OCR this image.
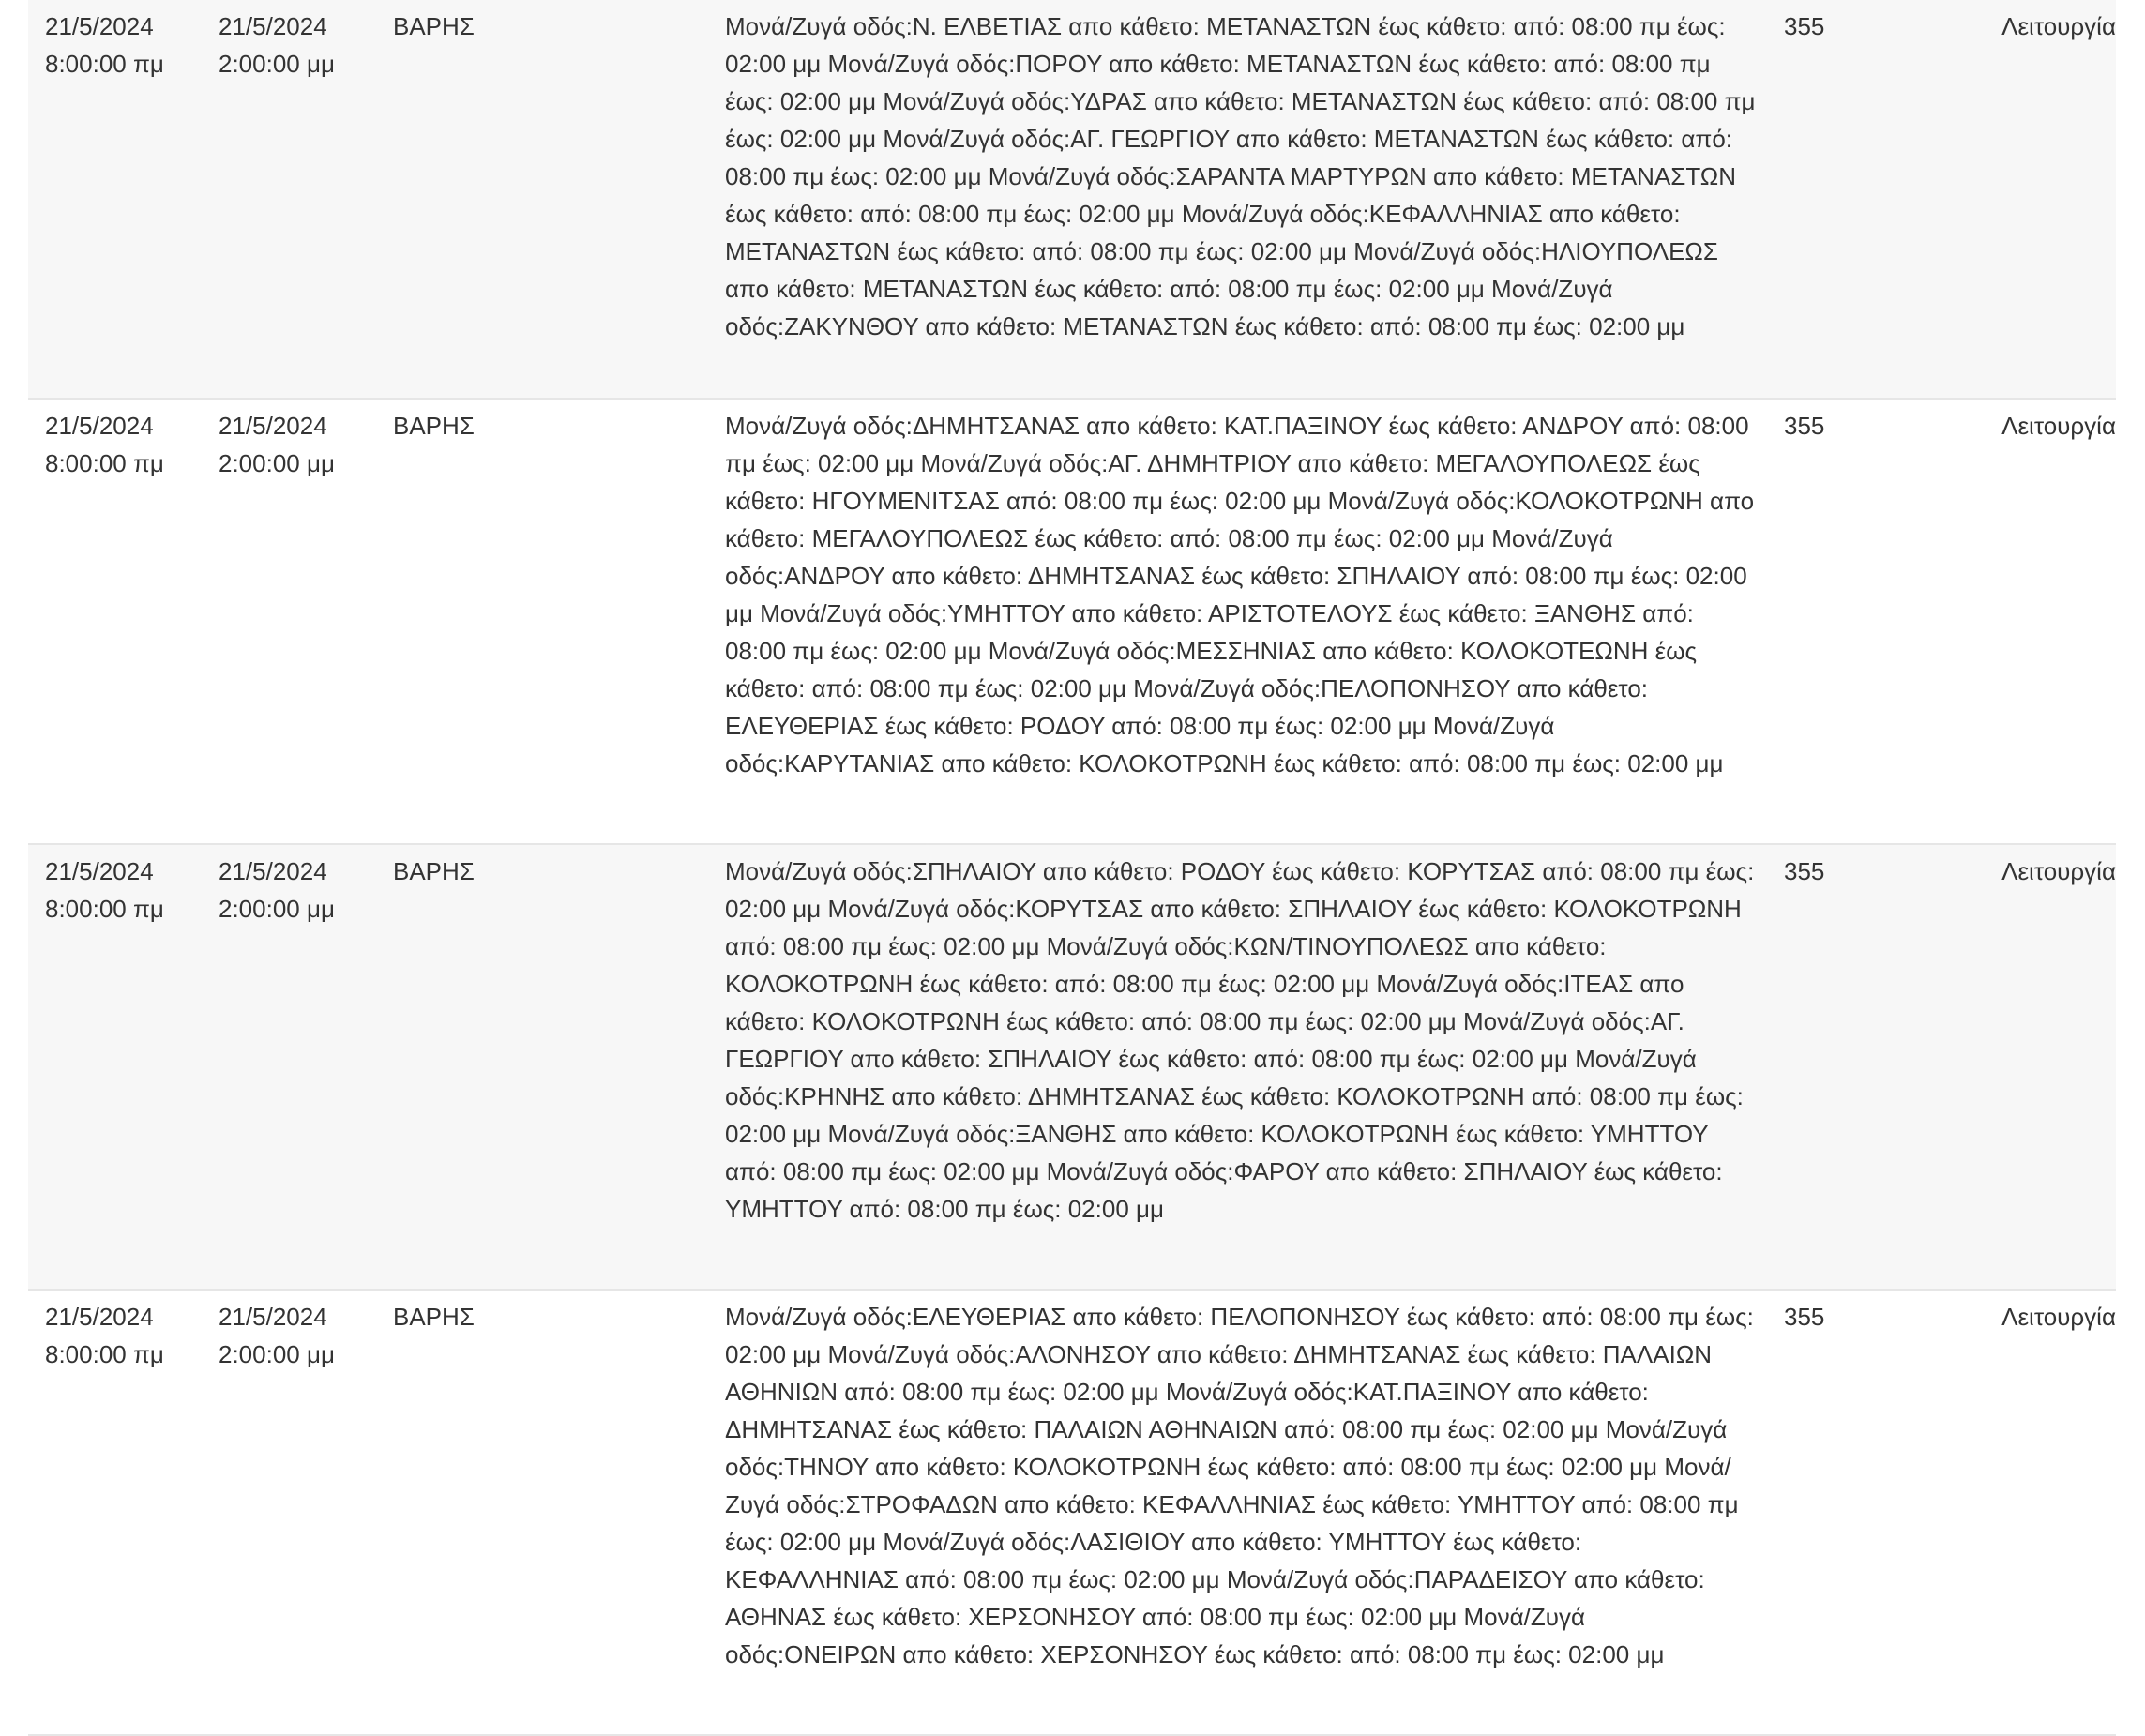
21/5/2024
8:00:00 πμ	21/5/2024
2:00:00 μμ	ΒΑΡΗΣ	Μονά/Ζυγά οδός:Ν. ΕΛΒΕΤΙΑΣ απο κάθετο: ΜΕΤΑΝΑΣΤΩΝ έως κάθετο: από: 08:00 πμ έως: 02:00 μμ Μονά/Ζυγά οδός:ΠΟΡΟΥ απο κάθετο: ΜΕΤΑΝΑΣΤΩΝ έως κάθετο: από: 08:00 πμ έως: 02:00 μμ Μονά/Ζυγά οδός:ΥΔΡΑΣ απο κάθετο: ΜΕΤΑΝΑΣΤΩΝ έως κάθετο: από: 08:00 πμ έως: 02:00 μμ Μονά/Ζυγά οδός:ΑΓ. ΓΕΩΡΓΙΟΥ απο κάθετο: ΜΕΤΑΝΑΣΤΩΝ έως κάθετο: από: 08:00 πμ έως: 02:00 μμ Μονά/Ζυγά οδός:ΣΑΡΑΝΤΑ ΜΑΡΤΥΡΩΝ απο κάθετο: ΜΕΤΑΝΑΣΤΩΝ έως κάθετο: από: 08:00 πμ έως: 02:00 μμ Μονά/Ζυγά οδός:ΚΕΦΑΛΛΗΝΙΑΣ απο κάθετο: ΜΕΤΑΝΑΣΤΩΝ έως κάθετο: από: 08:00 πμ έως: 02:00 μμ Μονά/Ζυγά οδός:ΗΛΙΟΥΠΟΛΕΩΣ απο κάθετο: ΜΕΤΑΝΑΣΤΩΝ έως κάθετο: από: 08:00 πμ έως: 02:00 μμ Μονά/Ζυγά οδός:ΖΑΚΥΝΘΟΥ απο κάθετο: ΜΕΤΑΝΑΣΤΩΝ έως κάθετο: από: 08:00 πμ έως: 02:00 μμ	355	Λειτουργία

21/5/2024
8:00:00 πμ	21/5/2024
2:00:00 μμ	ΒΑΡΗΣ	Μονά/Ζυγά οδός:ΔΗΜΗΤΣΑΝΑΣ απο κάθετο: ΚΑΤ.ΠΑΞΙΝΟΥ έως κάθετο: ΑΝΔΡΟΥ από: 08:00 πμ έως: 02:00 μμ Μονά/Ζυγά οδός:ΑΓ. ΔΗΜΗΤΡΙΟΥ απο κάθετο: ΜΕΓΑΛΟΥΠΟΛΕΩΣ έως κάθετο: ΗΓΟΥΜΕΝΙΤΣΑΣ από: 08:00 πμ έως: 02:00 μμ Μονά/Ζυγά οδός:ΚΟΛΟΚΟΤΡΩΝΗ απο κάθετο: ΜΕΓΑΛΟΥΠΟΛΕΩΣ έως κάθετο: από: 08:00 πμ έως: 02:00 μμ Μονά/Ζυγά οδός:ΑΝΔΡΟΥ απο κάθετο: ΔΗΜΗΤΣΑΝΑΣ έως κάθετο: ΣΠΗΛΑΙΟΥ από: 08:00 πμ έως: 02:00 μμ Μονά/Ζυγά οδός:ΥΜΗΤΤΟΥ απο κάθετο: ΑΡΙΣΤΟΤΕΛΟΥΣ έως κάθετο: ΞΑΝΘΗΣ από: 08:00 πμ έως: 02:00 μμ Μονά/Ζυγά οδός:ΜΕΣΣΗΝΙΑΣ απο κάθετο: ΚΟΛΟΚΟΤΕΩΝΗ έως κάθετο: από: 08:00 πμ έως: 02:00 μμ Μονά/Ζυγά οδός:ΠΕΛΟΠΟΝΗΣΟΥ απο κάθετο: ΕΛΕΥΘΕΡΙΑΣ έως κάθετο: ΡΟΔΟΥ από: 08:00 πμ έως: 02:00 μμ Μονά/Ζυγά οδός:ΚΑΡΥΤΑΝΙΑΣ απο κάθετο: ΚΟΛΟΚΟΤΡΩΝΗ έως κάθετο: από: 08:00 πμ έως: 02:00 μμ	355	Λειτουργία

21/5/2024
8:00:00 πμ	21/5/2024
2:00:00 μμ	ΒΑΡΗΣ	Μονά/Ζυγά οδός:ΣΠΗΛΑΙΟΥ απο κάθετο: ΡΟΔΟΥ έως κάθετο: ΚΟΡΥΤΣΑΣ από: 08:00 πμ έως: 02:00 μμ Μονά/Ζυγά οδός:ΚΟΡΥΤΣΑΣ απο κάθετο: ΣΠΗΛΑΙΟΥ έως κάθετο: ΚΟΛΟΚΟΤΡΩΝΗ από: 08:00 πμ έως: 02:00 μμ Μονά/Ζυγά οδός:ΚΩΝ/ΤΙΝΟΥΠΟΛΕΩΣ απο κάθετο: ΚΟΛΟΚΟΤΡΩΝΗ έως κάθετο: από: 08:00 πμ έως: 02:00 μμ Μονά/Ζυγά οδός:ΙΤΕΑΣ απο κάθετο: ΚΟΛΟΚΟΤΡΩΝΗ έως κάθετο: από: 08:00 πμ έως: 02:00 μμ Μονά/Ζυγά οδός:ΑΓ. ΓΕΩΡΓΙΟΥ απο κάθετο: ΣΠΗΛΑΙΟΥ έως κάθετο: από: 08:00 πμ έως: 02:00 μμ Μονά/Ζυγά οδός:ΚΡΗΝΗΣ απο κάθετο: ΔΗΜΗΤΣΑΝΑΣ έως κάθετο: ΚΟΛΟΚΟΤΡΩΝΗ από: 08:00 πμ έως: 02:00 μμ Μονά/Ζυγά οδός:ΞΑΝΘΗΣ απο κάθετο: ΚΟΛΟΚΟΤΡΩΝΗ έως κάθετο: ΥΜΗΤΤΟΥ από: 08:00 πμ έως: 02:00 μμ Μονά/Ζυγά οδός:ΦΑΡΟΥ απο κάθετο: ΣΠΗΛΑΙΟΥ έως κάθετο: ΥΜΗΤΤΟΥ από: 08:00 πμ έως: 02:00 μμ	355	Λειτουργία

21/5/2024
8:00:00 πμ	21/5/2024
2:00:00 μμ	ΒΑΡΗΣ	Μονά/Ζυγά οδός:ΕΛΕΥΘΕΡΙΑΣ απο κάθετο: ΠΕΛΟΠΟΝΗΣΟΥ έως κάθετο: από: 08:00 πμ έως: 02:00 μμ Μονά/Ζυγά οδός:ΑΛΟΝΗΣΟΥ απο κάθετο: ΔΗΜΗΤΣΑΝΑΣ έως κάθετο: ΠΑΛΑΙΩΝ ΑΘΗΝΙΩΝ από: 08:00 πμ έως: 02:00 μμ Μονά/Ζυγά οδός:ΚΑΤ.ΠΑΞΙΝΟΥ απο κάθετο: ΔΗΜΗΤΣΑΝΑΣ έως κάθετο: ΠΑΛΑΙΩΝ ΑΘΗΝΑΙΩΝ από: 08:00 πμ έως: 02:00 μμ Μονά/Ζυγά οδός:ΤΗΝΟΥ απο κάθετο: ΚΟΛΟΚΟΤΡΩΝΗ έως κάθετο: από: 08:00 πμ έως: 02:00 μμ Μονά/Ζυγά οδός:ΣΤΡΟΦΑΔΩΝ απο κάθετο: ΚΕΦΑΛΛΗΝΙΑΣ έως κάθετο: ΥΜΗΤΤΟΥ από: 08:00 πμ έως: 02:00 μμ Μονά/Ζυγά οδός:ΛΑΣΙΘΙΟΥ απο κάθετο: ΥΜΗΤΤΟΥ έως κάθετο: ΚΕΦΑΛΛΗΝΙΑΣ από: 08:00 πμ έως: 02:00 μμ Μονά/Ζυγά οδός:ΠΑΡΑΔΕΙΣΟΥ απο κάθετο: ΑΘΗΝΑΣ έως κάθετο: ΧΕΡΣΟΝΗΣΟΥ από: 08:00 πμ έως: 02:00 μμ Μονά/Ζυγά οδός:ΟΝΕΙΡΩΝ απο κάθετο: ΧΕΡΣΟΝΗΣΟΥ έως κάθετο: από: 08:00 πμ έως: 02:00 μμ	355	Λειτουργία
